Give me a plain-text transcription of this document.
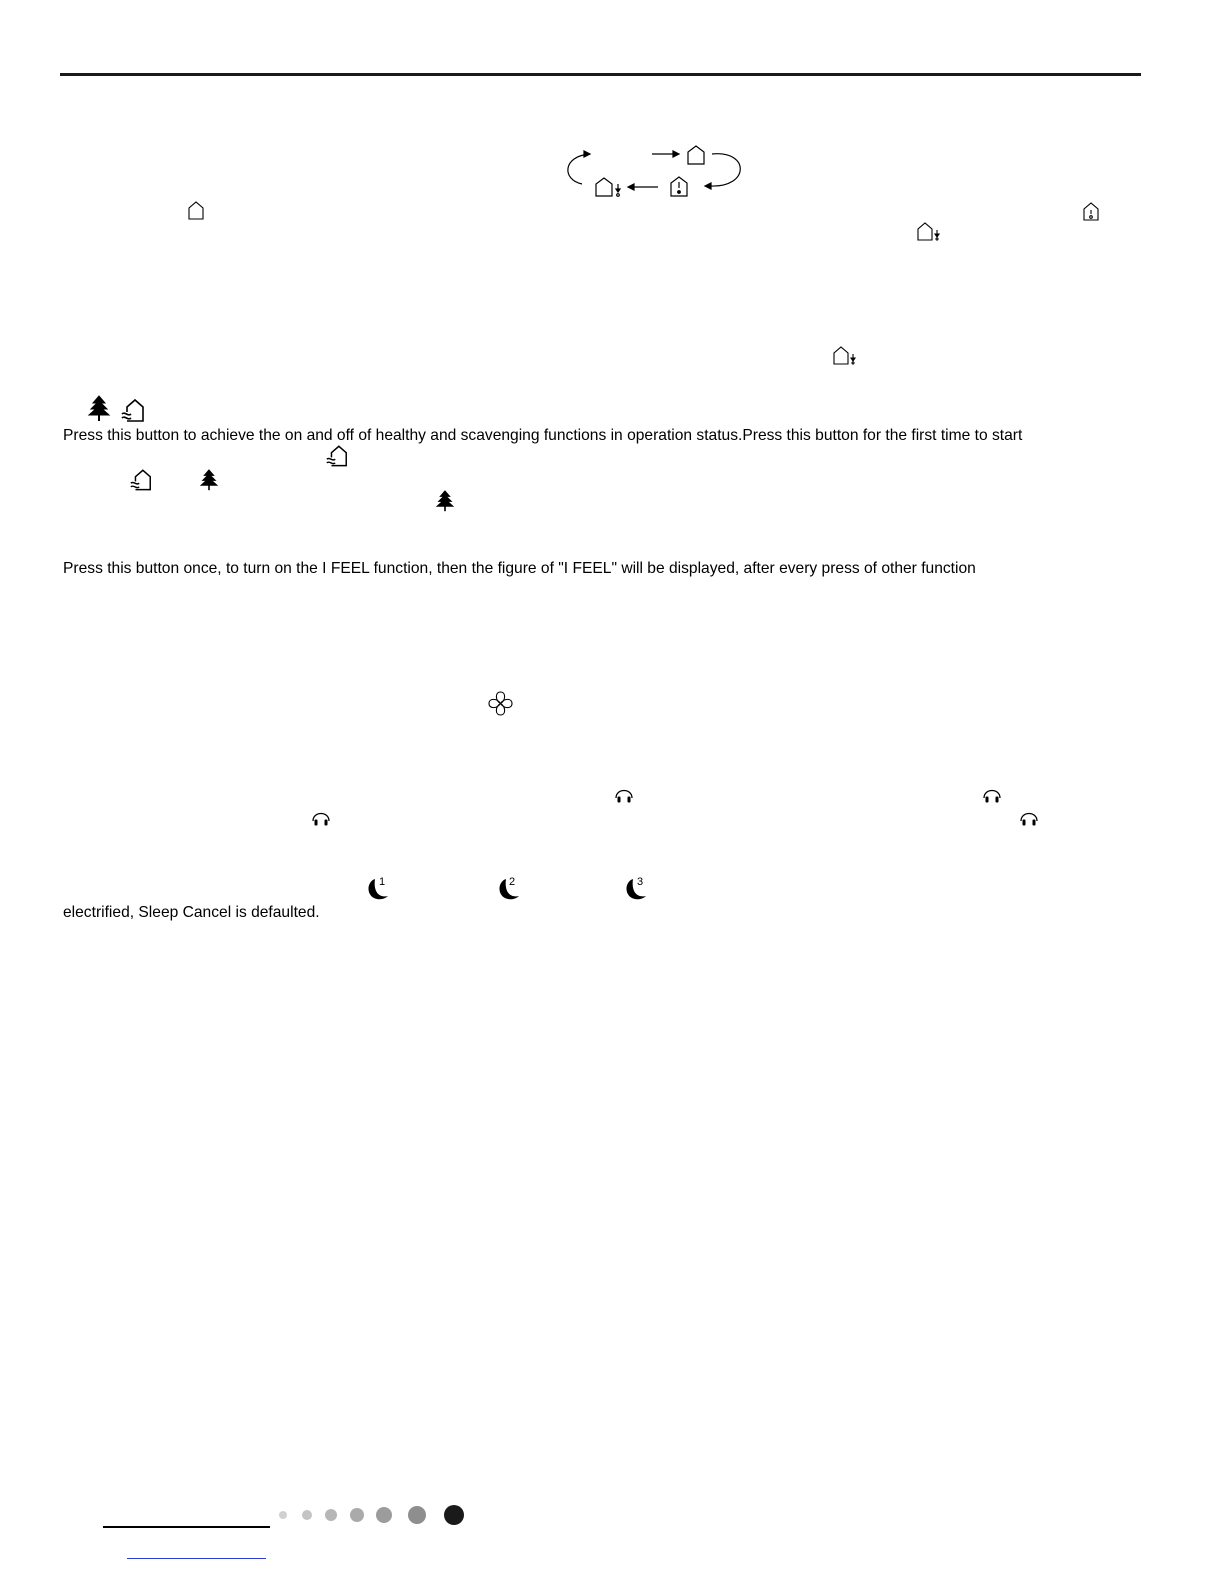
Press this button to achieve the on and off of healthy and scavenging functions in operation status.Press this button for the first time to start
Press this button once, to turn on the I FEEL function, then the figure of "I FEEL" will be displayed, after every press of other function
1	2	3
electrified, Sleep Cancel is defaulted.
